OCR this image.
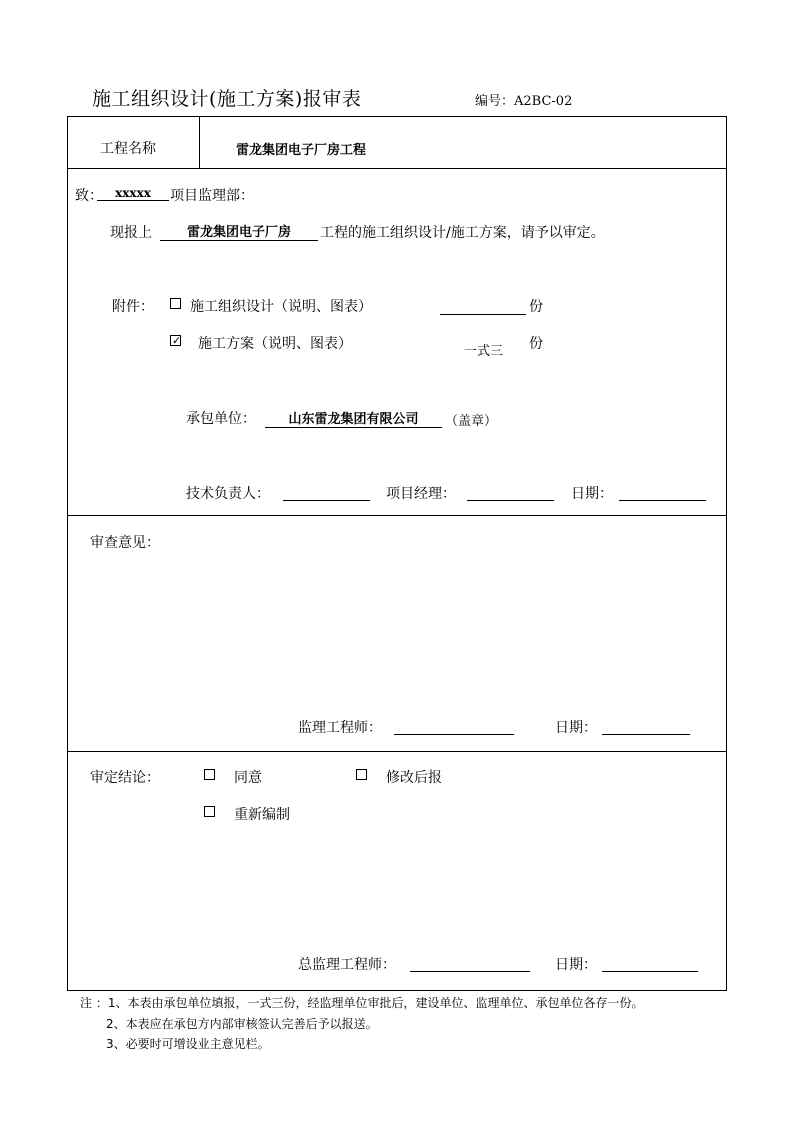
施工组织设计(施工方案)报审表	编号：A2BC-02
工程名称	雷龙集团电子厂房工程
致：	xxxxx	项目监理部：
现报上	雷龙集团电子厂房	工程的施工组织设计/施工方案，请予以审定。
附件：	施工组织设计（说明、图表）	份
✓ 施工方案（说明、图表）	一式三 份
承包单位：	山东雷龙集团有限公司	（盖章）
技术负责人：	项目经理：	日期：
审查意见：
监理工程师：	日期：
审定结论：	同意	修改后报
重新编制
总监理工程师：	日期：
注 ：1、本表由承包单位填报，一式三份，经监理单位审批后，建设单位、监理单位、承包单位各存一份。
2、本表应在承包方内部审核签认完善后予以报送。
3、必要时可增设业主意见栏。
